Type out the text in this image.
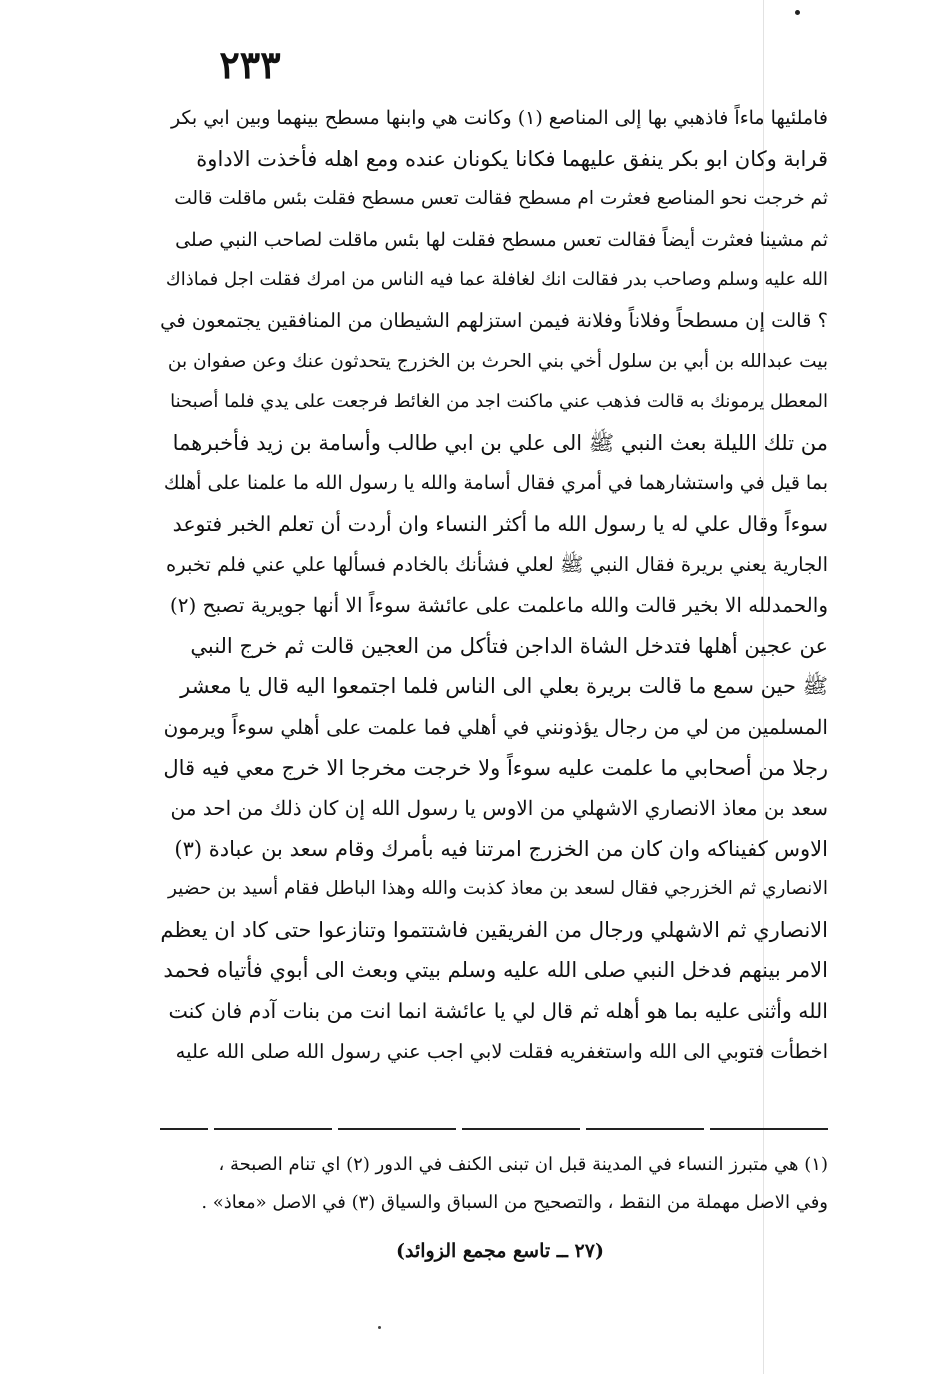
٢٣٣
فاملئيها ماءاً فاذهبي بها إلى المناصع (١) وكانت هي وابنها مسطح بينهما وبين ابي بكر
قرابة وكان ابو بكر ينفق عليهما فكانا يكونان عنده ومع اهله فأخذت الاداوة
ثم خرجت نحو المناصع فعثرت ام مسطح فقالت تعس مسطح فقلت بئس ماقلت قالت
ثم مشينا فعثرت أيضاً فقالت تعس مسطح فقلت لها بئس ماقلت لصاحب النبي صلى
الله عليه وسلم وصاحب بدر فقالت انك لغافلة عما فيه الناس من امرك فقلت اجل فماذاك
؟ قالت إن مسطحاً وفلاناً وفلانة فيمن استزلهم الشيطان من المنافقين يجتمعون في
بيت عبدالله بن أبي بن سلول أخي بني الحرث بن الخزرج يتحدثون عنك وعن صفوان بن
المعطل يرمونك به قالت فذهب عني ماكنت اجد من الغائط فرجعت على يدي فلما أصبحنا
من تلك الليلة بعث النبي ﷺ الى علي بن ابي طالب وأسامة بن زيد فأخبرهما
بما قيل في واستشارهما في أمري فقال أسامة والله يا رسول الله ما علمنا على أهلك
سوءاً وقال علي له يا رسول الله ما أكثر النساء وان أردت أن تعلم الخبر فتوعد
الجارية يعني بريرة فقال النبي ﷺ لعلي فشأنك بالخادم فسألها علي عني فلم تخبره
والحمدلله الا بخير قالت والله ماعلمت على عائشة سوءاً الا أنها جويرية تصبح (٢)
عن عجين أهلها فتدخل الشاة الداجن فتأكل من العجين قالت ثم خرج النبي
ﷺ حين سمع ما قالت بريرة بعلي الى الناس فلما اجتمعوا اليه قال يا معشر
المسلمين من لي من رجال يؤذونني في أهلي فما علمت على أهلي سوءاً ويرمون
رجلا من أصحابي ما علمت عليه سوءاً ولا خرجت مخرجا الا خرج معي فيه قال
سعد بن معاذ الانصاري الاشهلي من الاوس يا رسول الله إن كان ذلك من احد من
الاوس كفيناكه وان كان من الخزرج امرتنا فيه بأمرك وقام سعد بن عبادة (٣)
الانصاري ثم الخزرجي فقال لسعد بن معاذ كذبت والله وهذا الباطل فقام أسيد بن حضير
الانصاري ثم الاشهلي ورجال من الفريقين فاشتتموا وتنازعوا حتى كاد ان يعظم
الامر بينهم فدخل النبي صلى الله عليه وسلم بيتي وبعث الى أبوي فأتياه فحمد
الله وأثنى عليه بما هو أهله ثم قال لي يا عائشة انما انت من بنات آدم فان كنت
اخطأت فتوبي الى الله واستغفريه فقلت لابي اجب عني رسول الله صلى الله عليه
(١) هي متبرز النساء في المدينة قبل ان تبنى الكنف في الدور (٢) اي تنام الصبحة ،
وفي الاصل مهملة من النقط ، والتصحيح من السباق والسياق (٣) في الاصل «معاذ» .
(٢٧ ــ تاسع مجمع الزوائد)
